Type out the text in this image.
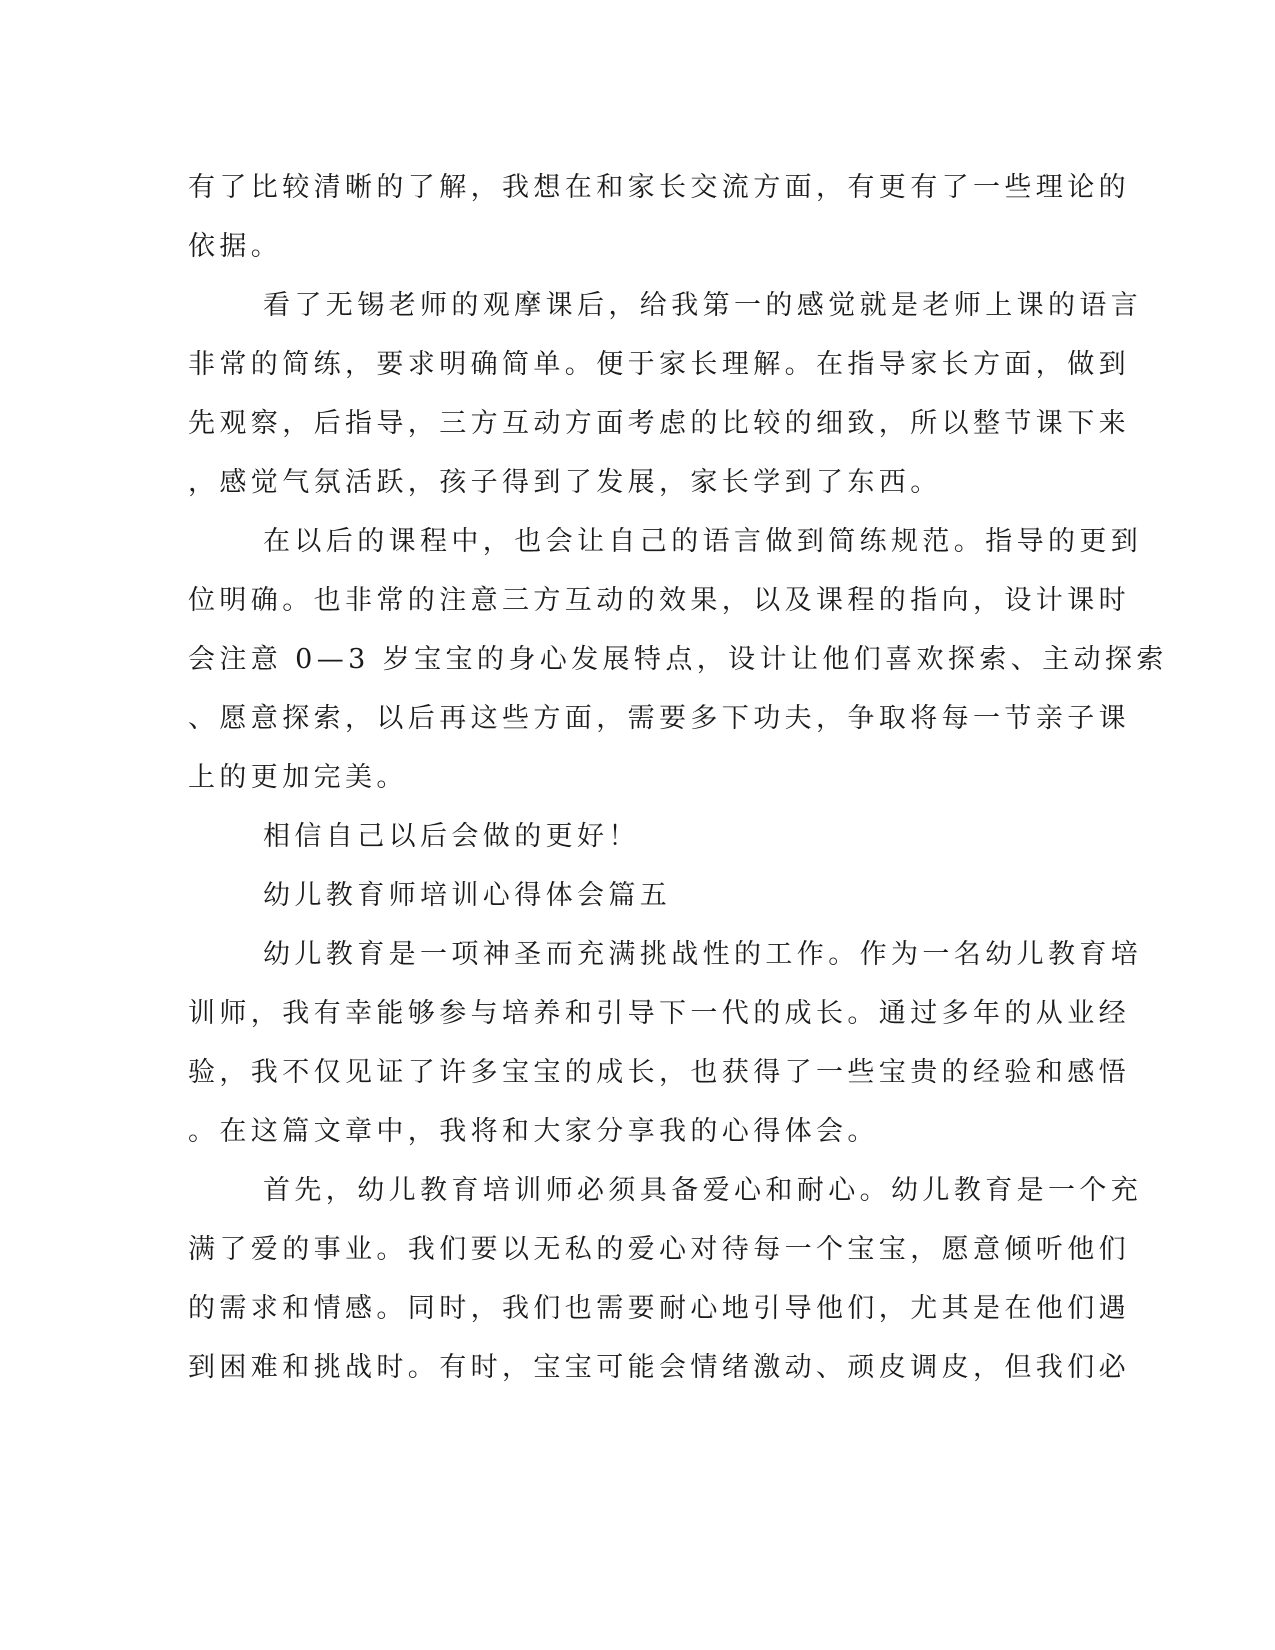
有了比较清晰的了解，我想在和家长交流方面，有更有了一些理论的
依据。
看了无锡老师的观摩课后，给我第一的感觉就是老师上课的语言
非常的简练，要求明确简单。便于家长理解。在指导家长方面，做到
先观察，后指导，三方互动方面考虑的比较的细致，所以整节课下来
，感觉气氛活跃，孩子得到了发展，家长学到了东西。
在以后的课程中，也会让自己的语言做到简练规范。指导的更到
位明确。也非常的注意三方互动的效果，以及课程的指向，设计课时
会注意 0—3 岁宝宝的身心发展特点，设计让他们喜欢探索、主动探索
、愿意探索，以后再这些方面，需要多下功夫，争取将每一节亲子课
上的更加完美。
相信自己以后会做的更好！
幼儿教育师培训心得体会篇五
幼儿教育是一项神圣而充满挑战性的工作。作为一名幼儿教育培
训师，我有幸能够参与培养和引导下一代的成长。通过多年的从业经
验，我不仅见证了许多宝宝的成长，也获得了一些宝贵的经验和感悟
。在这篇文章中，我将和大家分享我的心得体会。
首先，幼儿教育培训师必须具备爱心和耐心。幼儿教育是一个充
满了爱的事业。我们要以无私的爱心对待每一个宝宝，愿意倾听他们
的需求和情感。同时，我们也需要耐心地引导他们，尤其是在他们遇
到困难和挑战时。有时，宝宝可能会情绪激动、顽皮调皮，但我们必
